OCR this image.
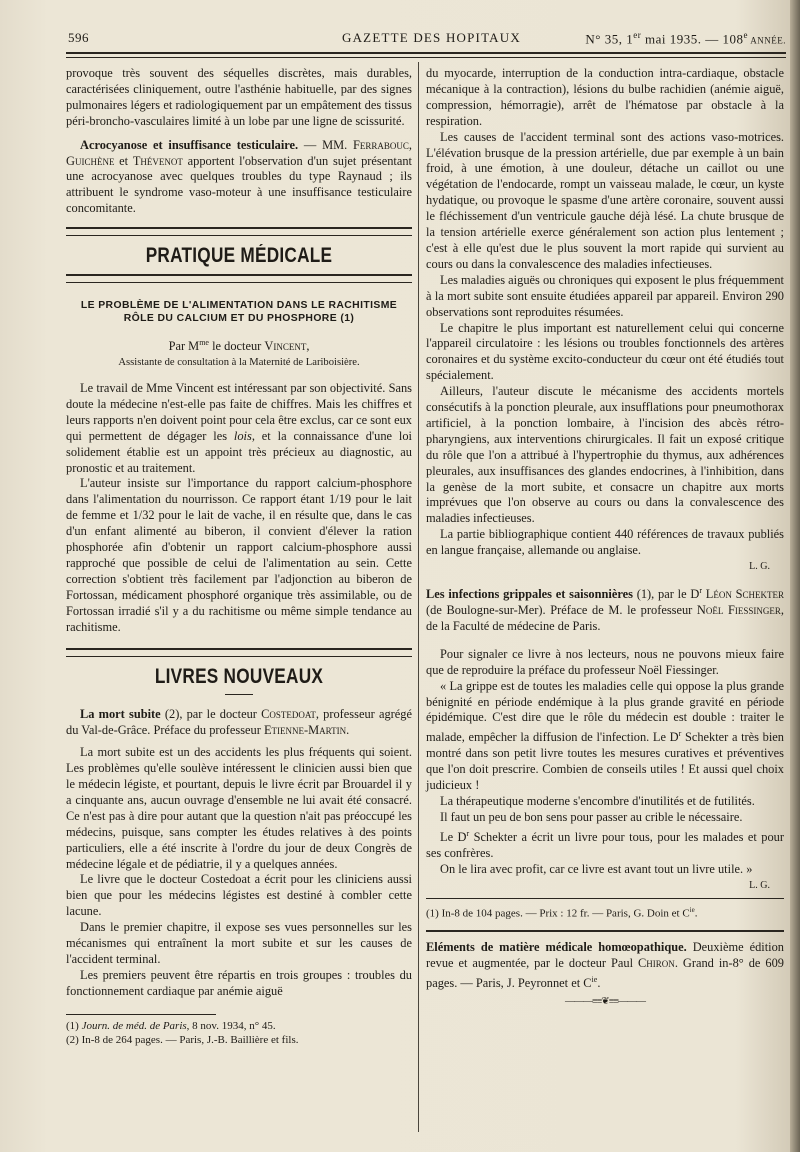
596	GAZETTE DES HOPITAUX	N° 35, 1er mai 1935. — 108e ANNÉE.

provoque très souvent des séquelles discrètes, mais durables, caractérisées cliniquement, outre l'asthénie habituelle, par des signes pulmonaires légers et radiologiquement par un empâtement des tissus péri-broncho-vasculaires limité à un lobe par une ligne de scissurité.

Acrocyanose et insuffisance testiculaire. — MM. Ferrabouc, Guichène et Thévenot apportent l'observation d'un sujet présentant une acrocyanose avec quelques troubles du type Raynaud ; ils attribuent le syndrome vaso-moteur à une insuffisance testiculaire concomitante.

PRATIQUE MÉDICALE

LE PROBLÈME DE L'ALIMENTATION DANS LE RACHITISME
RÔLE DU CALCIUM ET DU PHOSPHORE (1)

Par $M^{me}$ le docteur Vincent,

Assistante de consultation à la Maternité de Lariboisière.

Le travail de Mme Vincent est intéressant par son objectivité. Sans doute la médecine n'est-elle pas faite de chiffres. Mais les chiffres et leurs rapports n'en doivent point pour cela être exclus, car ce sont eux qui permettent de dégager les lois, et la connaissance d'une loi solidement établie est un appoint très précieux au diagnostic, au pronostic et au traitement.

L'auteur insiste sur l'importance du rapport calcium-phosphore dans l'alimentation du nourrisson. Ce rapport étant 1/19 pour le lait de femme et 1/32 pour le lait de vache, il en résulte que, dans le cas d'un enfant alimenté au biberon, il convient d'élever la ration phosphorée afin d'obtenir un rapport calcium-phosphore aussi rapproché que possible de celui de l'alimentation au sein. Cette correction s'obtient très facilement par l'adjonction au biberon de Fortossan, médicament phosphoré organique très assimilable, ou de Fortossan irradié s'il y a du rachitisme ou même simple tendance au rachitisme.

LIVRES NOUVEAUX

La mort subite (2), par le docteur Costedoat, professeur agrégé du Val-de-Grâce. Préface du professeur Etienne-Martin.

La mort subite est un des accidents les plus fréquents qui soient. Les problèmes qu'elle soulève intéressent le clinicien aussi bien que le médecin légiste, et pourtant, depuis le livre écrit par Brouardel il y a cinquante ans, aucun ouvrage d'ensemble ne lui avait été consacré. Ce n'est pas à dire pour autant que la question n'ait pas préoccupé les médecins, puisque, sans compter les études relatives à des points particuliers, elle a été inscrite à l'ordre du jour de deux Congrès de médecine légale et de pédiatrie, il y a quelques années.

Le livre que le docteur Costedoat a écrit pour les cliniciens aussi bien que pour les médecins légistes est destiné à combler cette lacune.

Dans le premier chapitre, il expose ses vues personnelles sur les mécanismes qui entraînent la mort subite et sur les causes de l'accident terminal.

Les premiers peuvent être répartis en trois groupes : troubles du fonctionnement cardiaque par anémie aiguë

(1) Journ. de méd. de Paris, 8 nov. 1934, n° 45.

(2) In-8 de 264 pages. — Paris, J.-B. Baillière et fils.

du myocarde, interruption de la conduction intra-cardiaque, obstacle mécanique à la contraction), lésions du bulbe rachidien (anémie aiguë, compression, hémorragie), arrêt de l'hématose par obstacle à la respiration.

Les causes de l'accident terminal sont des actions vaso-motrices. L'élévation brusque de la pression artérielle, due par exemple à un bain froid, à une émotion, à une douleur, détache un caillot ou une végétation de l'endocarde, rompt un vaisseau malade, le cœur, un kyste hydatique, ou provoque le spasme d'une artère coronaire, souvent aussi le fléchissement d'un ventricule gauche déjà lésé. La chute brusque de la tension artérielle exerce généralement son action plus lentement ; c'est à elle qu'est due le plus souvent la mort rapide qui survient au cours ou dans la convalescence des maladies infectieuses.

Les maladies aiguës ou chroniques qui exposent le plus fréquemment à la mort subite sont ensuite étudiées appareil par appareil. Environ 290 observations sont reproduites résumées.

Le chapitre le plus important est naturellement celui qui concerne l'appareil circulatoire : les lésions ou troubles fonctionnels des artères coronaires et du système excito-conducteur du cœur ont été étudiés tout spécialement.

Ailleurs, l'auteur discute le mécanisme des accidents mortels consécutifs à la ponction pleurale, aux insufflations pour pneumothorax artificiel, à la ponction lombaire, à l'incision des abcès rétro-pharyngiens, aux interventions chirurgicales. Il fait un exposé critique du rôle que l'on a attribué à l'hypertrophie du thymus, aux adhérences pleurales, aux insuffisances des glandes endocrines, à l'inhibition, dans la genèse de la mort subite, et consacre un chapitre aux morts imprévues que l'on observe au cours ou dans la convalescence des maladies infectieuses.

La partie bibliographique contient 440 références de travaux publiés en langue française, allemande ou anglaise.

L. G.

Les infections grippales et saisonnières (1), par le $D^r$ Léon Schekter (de Boulogne-sur-Mer). Préface de M. le professeur Noël Fiessinger, de la Faculté de médecine de Paris.

Pour signaler ce livre à nos lecteurs, nous ne pouvons mieux faire que de reproduire la préface du professeur Noël Fiessinger.

« La grippe est de toutes les maladies celle qui oppose la plus grande bénignité en période endémique à la plus grande gravité en période épidémique. C'est dire que le rôle du médecin est double : traiter le malade, empêcher la diffusion de l'infection. Le $D^r$ Schekter a très bien montré dans son petit livre toutes les mesures curatives et préventives que l'on doit prescrire. Combien de conseils utiles ! Et aussi quel choix judicieux !

La thérapeutique moderne s'encombre d'inutilités et de futilités.

Il faut un peu de bon sens pour passer au crible le nécessaire.

Le $D^r$ Schekter a écrit un livre pour tous, pour les malades et pour ses confrères.

On le lira avec profit, car ce livre est avant tout un livre utile. »

L. G.

(1) In-8 de 104 pages. — Prix : 12 fr. — Paris, G. Doin et $C^{ie}$.

Eléments de matière médicale homœopathique. Deuxième édition revue et augmentée, par le docteur Paul Chiron. Grand in-8° de 609 pages. — Paris, J. Peyronnet et $C^{ie}$.

———≡≡❦≡≡———
